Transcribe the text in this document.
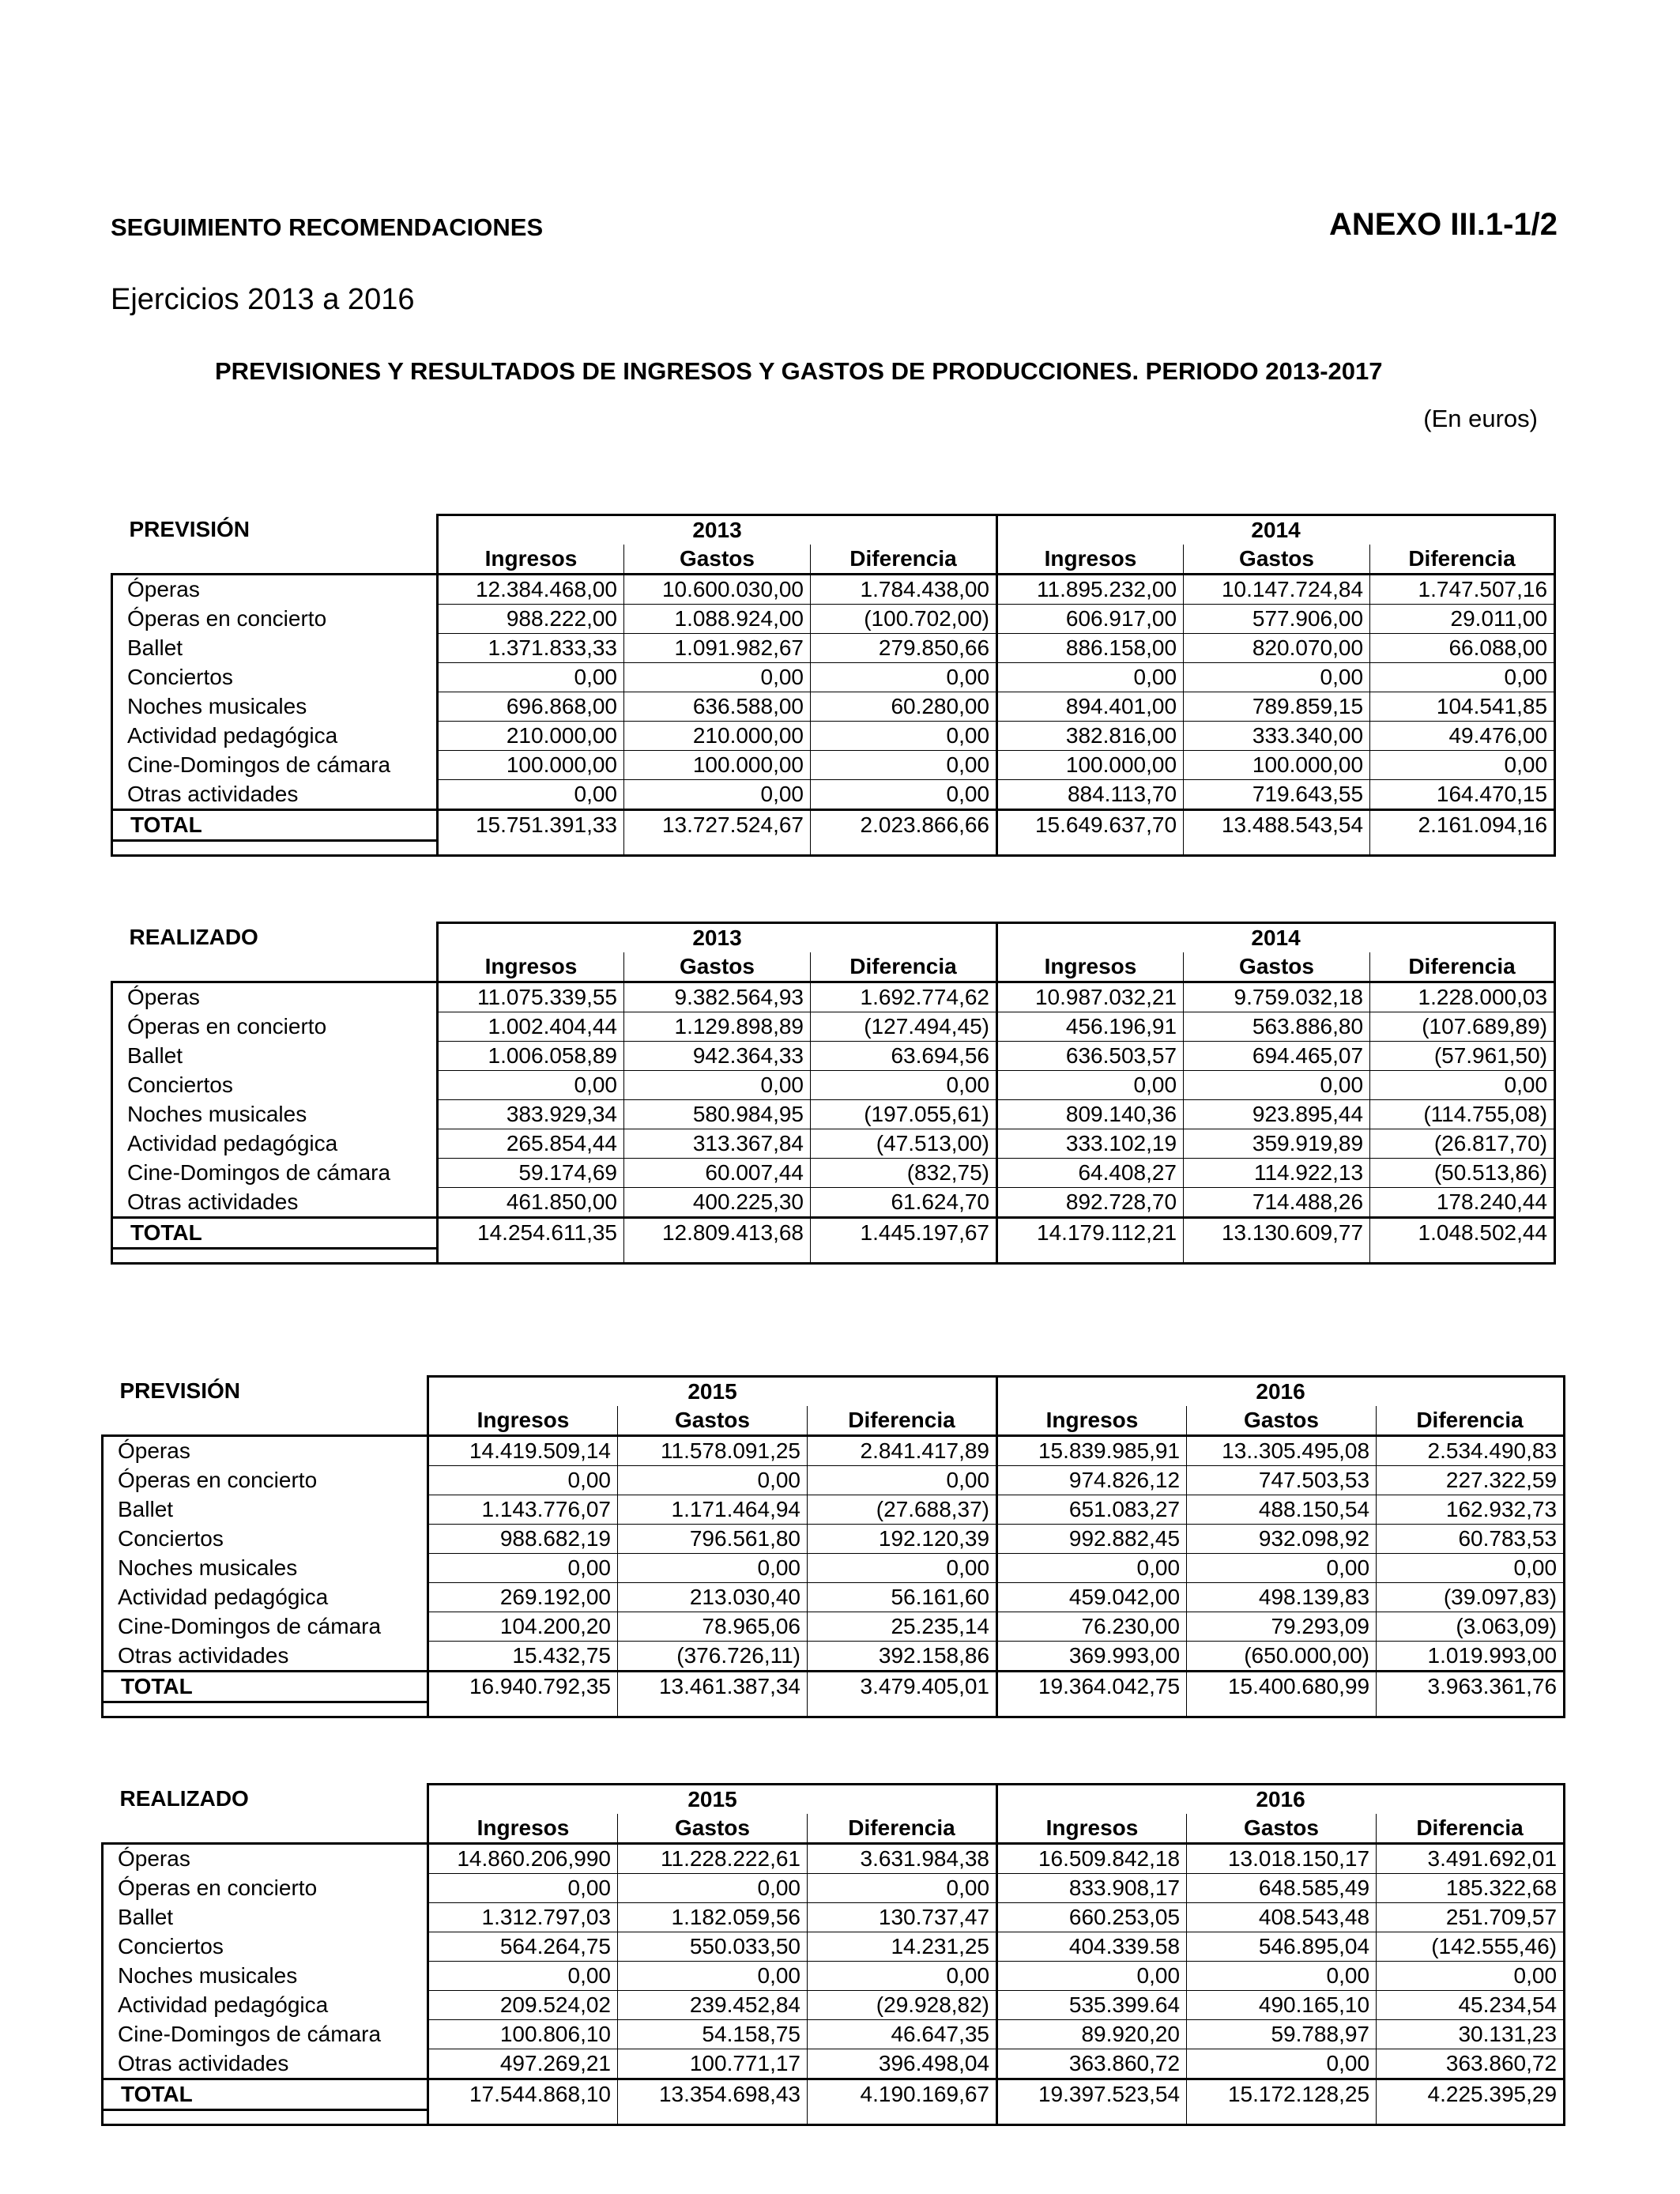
SEGUIMIENTO RECOMENDACIONES	ANEXO III.1-1/2
Ejercicios 2013 a 2016
PREVISIONES Y RESULTADOS DE INGRESOS Y GASTOS DE PRODUCCIONES. PERIODO 2013-2017
(En euros)
PREVISIÓN	2013			2014		
	Ingresos	Gastos	Diferencia	Ingresos	Gastos	Diferencia
Óperas	12.384.468,00	10.600.030,00	1.784.438,00	11.895.232,00	10.147.724,84	1.747.507,16
Óperas en concierto	988.222,00	1.088.924,00	(100.702,00)	606.917,00	577.906,00	29.011,00
Ballet	1.371.833,33	1.091.982,67	279.850,66	886.158,00	820.070,00	66.088,00
Conciertos	0,00	0,00	0,00	0,00	0,00	0,00
Noches musicales	696.868,00	636.588,00	60.280,00	894.401,00	789.859,15	104.541,85
Actividad pedagógica	210.000,00	210.000,00	0,00	382.816,00	333.340,00	49.476,00
Cine-Domingos de cámara	100.000,00	100.000,00	0,00	100.000,00	100.000,00	0,00
Otras actividades	0,00	0,00	0,00	884.113,70	719.643,55	164.470,15
TOTAL	15.751.391,33	13.727.524,67	2.023.866,66	15.649.637,70	13.488.543,54	2.161.094,16

REALIZADO	2013			2014		
	Ingresos	Gastos	Diferencia	Ingresos	Gastos	Diferencia
Óperas	11.075.339,55	9.382.564,93	1.692.774,62	10.987.032,21	9.759.032,18	1.228.000,03
Óperas en concierto	1.002.404,44	1.129.898,89	(127.494,45)	456.196,91	563.886,80	(107.689,89)
Ballet	1.006.058,89	942.364,33	63.694,56	636.503,57	694.465,07	(57.961,50)
Conciertos	0,00	0,00	0,00	0,00	0,00	0,00
Noches musicales	383.929,34	580.984,95	(197.055,61)	809.140,36	923.895,44	(114.755,08)
Actividad pedagógica	265.854,44	313.367,84	(47.513,00)	333.102,19	359.919,89	(26.817,70)
Cine-Domingos de cámara	59.174,69	60.007,44	(832,75)	64.408,27	114.922,13	(50.513,86)
Otras actividades	461.850,00	400.225,30	61.624,70	892.728,70	714.488,26	178.240,44
TOTAL	14.254.611,35	12.809.413,68	1.445.197,67	14.179.112,21	13.130.609,77	1.048.502,44

PREVISIÓN	2015			2016		
	Ingresos	Gastos	Diferencia	Ingresos	Gastos	Diferencia
Óperas	14.419.509,14	11.578.091,25	2.841.417,89	15.839.985,91	13..305.495,08	2.534.490,83
Óperas en concierto	0,00	0,00	0,00	974.826,12	747.503,53	227.322,59
Ballet	1.143.776,07	1.171.464,94	(27.688,37)	651.083,27	488.150,54	162.932,73
Conciertos	988.682,19	796.561,80	192.120,39	992.882,45	932.098,92	60.783,53
Noches musicales	0,00	0,00	0,00	0,00	0,00	0,00
Actividad pedagógica	269.192,00	213.030,40	56.161,60	459.042,00	498.139,83	(39.097,83)
Cine-Domingos de cámara	104.200,20	78.965,06	25.235,14	76.230,00	79.293,09	(3.063,09)
Otras actividades	15.432,75	(376.726,11)	392.158,86	369.993,00	(650.000,00)	1.019.993,00
TOTAL	16.940.792,35	13.461.387,34	3.479.405,01	19.364.042,75	15.400.680,99	3.963.361,76

REALIZADO	2015			2016		
	Ingresos	Gastos	Diferencia	Ingresos	Gastos	Diferencia
Óperas	14.860.206,990	11.228.222,61	3.631.984,38	16.509.842,18	13.018.150,17	3.491.692,01
Óperas en concierto	0,00	0,00	0,00	833.908,17	648.585,49	185.322,68
Ballet	1.312.797,03	1.182.059,56	130.737,47	660.253,05	408.543,48	251.709,57
Conciertos	564.264,75	550.033,50	14.231,25	404.339.58	546.895,04	(142.555,46)
Noches musicales	0,00	0,00	0,00	0,00	0,00	0,00
Actividad pedagógica	209.524,02	239.452,84	(29.928,82)	535.399.64	490.165,10	45.234,54
Cine-Domingos de cámara	100.806,10	54.158,75	46.647,35	89.920,20	59.788,97	30.131,23
Otras actividades	497.269,21	100.771,17	396.498,04	363.860,72	0,00	363.860,72
TOTAL	17.544.868,10	13.354.698,43	4.190.169,67	19.397.523,54	15.172.128,25	4.225.395,29
